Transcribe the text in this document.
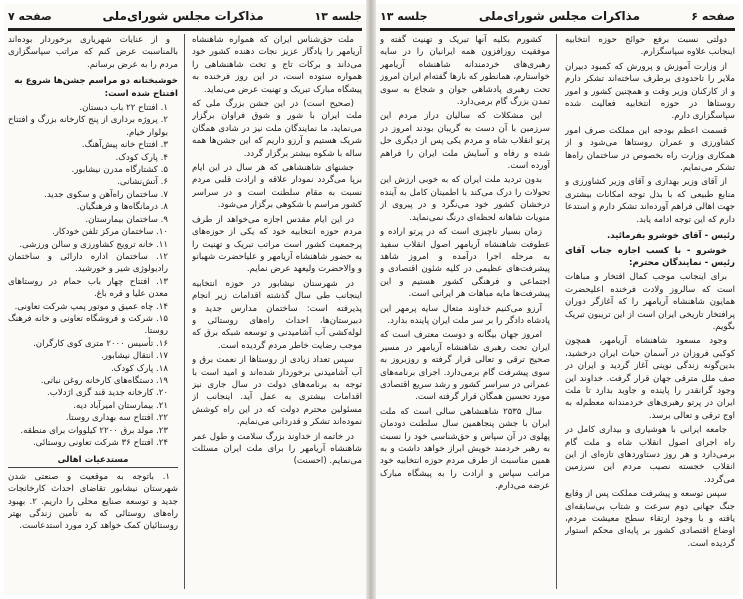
جلسه ۱۳
مذاکرات مجلس شورای‌ملی
صفحه ۷

ملت حق‌شناس ایران که همواره شاهنشاه آریامهر را یادگار عزیز نجات دهنده کشور خود می‌داند و برکات تاج و تخت شاهنشاهی را همواره ستوده است، در این روز فرخنده به پیشگاه مبارک تبریک و تهنیت عرض می‌نماید.

(صحیح است) در این جشن بزرگ ملی که ملت ایران با شور و شوق فراوان برگزار می‌نماید، ما نمایندگان ملت نیز در شادی همگان شریک هستیم و آرزو داریم که این جشن‌ها همه ساله با شکوه بیشتر برگزار گردد.

جشنهای شاهنشاهی که هر سال در این ایام برپا می‌گردد نمودار علاقه و ارادت قلبی مردم نسبت به مقام سلطنت است و در سراسر کشور مراسم با شکوهی برگزار می‌شود.

در این ایام مقدس اجازه می‌خواهد از طرف مردم حوزه انتخابیه خود که یکی از حوزه‌های پرجمعیت کشور است مراتب تبریک و تهنیت را به حضور شاهنشاه آریامهر و علیاحضرت شهبانو و والاحضرت ولیعهد عرض نمایم.

در شهرستان نیشابور در حوزه انتخابیه اینجانب طی سال گذشته اقدامات زیر انجام پذیرفته است: ساختمان مدارس جدید و دبیرستان‌ها، احداث راه‌های روستائی و لوله‌کشی آب آشامیدنی و توسعه شبکه برق که موجب رضایت خاطر مردم گردیده است.

سپس تعداد زیادی از روستاها از نعمت برق و آب آشامیدنی برخوردار شده‌اند و امید است با توجه به برنامه‌های دولت در سال جاری نیز اقدامات بیشتری به عمل آید. اینجانب از مسئولین محترم دولت که در این راه کوشش نموده‌اند تشکر و قدردانی می‌نمایم.

در خاتمه از خداوند بزرگ سلامت و طول عمر شاهنشاه آریامهر را برای ملت ایران مسئلت می‌نمایم. (احسنت)

و از عنایات شهریاری برخوردار بوده‌اند بالمناسبت عرض کنم که مراتب سپاسگزاری مردم را به عرض برسانم.

خوشبختانه دو مراسم جشن‌ها شروع به افتتاح شده است:
۱. افتتاح ۲۲ باب دبستان.
۲. پروژه برداری از پنج کارخانه بزرگ و افتتاح بولوار خیام.
۳. افتتاح خانه پیش‌آهنگ.
۴. پارک کودک.
۵. کشتارگاه مدرن نیشابور.
۶. آتش‌نشانی.
۷. ساختمان راه‌آهن و سکوی جدید.
۸. درمانگاه‌ها و فرهنگیان.
۹. ساختمان بیمارستان.
۱۰. ساختمان مرکز تلفن خودکار.
۱۱. خانه ترویج کشاورزی و سالن ورزشی.
۱۲. ساختمان اداره دارائی و ساختمان رادیولوژی شیر و خورشید.
۱۳. افتتاح چهار باب حمام در روستاهای معدن علیا و قره باغ.
۱۴. چاه عمیق و موتور پمپ شرکت تعاونی.
۱۵. شرکت و فروشگاه تعاونی و خانه فرهنگ روستا.
۱۶. تأسیس ۲۰۰۰ متری کوی کارگران.
۱۷. انتقال نیشابور.
۱۸. پارک کودک.
۱۹. دستگاه‌های کارخانه روغن نباتی.
۲۰. کارخانه جدید قند گزی اژدلاب.
۲۱. بیمارستان امیرآباد دیه.
۲۲. افتتاح سه بهداری روستا.
۲۳. مولد برق ۲۲۰۰ کیلووات برای منطقه.
۲۴. افتتاح ۳۶ شرکت تعاونی روستائی.
مستدعیات اهالی

۱. باتوجه به موقعیت و صنعتی شدن شهرستان نیشابور تقاضای احداث کارخانجات جدید و توسعه صنایع محلی را داریم. ۲. بهبود راه‌های روستائی که به تأمین زندگی بهتر روستائیان کمک خواهد کرد مورد استدعاست.

صفحه ۶
مذاکرات مجلس شورای‌ملی
جلسه ۱۳

دولتی نسبت برفع حوائج حوزه انتخابیه اینجانب علاوه سپاسگزارم.

از وزارت آموزش و پرورش که کمبود دبیران ملایر را تاحدودی برطرف ساخته‌اند تشکر دارم و از کارکنان وزیر وقت و همچنین کشور و امور روستاها در حوزه انتخابیه فعالیت شده سپاسگزاری دارم.

قسمت اعظم بودجه این مملکت صرف امور کشاورزی و عمران روستاها می‌شود و از همکاری وزارت راه بخصوص در ساختمان راه‌ها تشکر می‌نمایم.

از آقای وزیر بهداری و آقای وزیر کشاورزی و منابع طبیعی که با بذل توجه امکانات بیشتری جهت اهالی فراهم آورده‌اند تشکر دارم و استدعا دارم که این توجه ادامه یابد.

رئیس - آقای خوشرو بفرمائید.

خوشرو - با کسب اجازه جناب آقای رئیس - نمایندگان محترم:

برای اینجانب موجب کمال افتخار و مباهات است که سالروز ولادت فرخنده اعلیحضرت همایون شاهنشاه آریامهر را که آغازگر دوران پرافتخار تاریخی ایران است از این تریبون تبریک بگویم.

وجود مسعود شاهنشاه آریامهر، همچون کوکبی فروزان در آسمان حیات ایران درخشید، بدین‌گونه زندگی نوینی آغاز گردید و ایران در صف ملل مترقی جهان قرار گرفت. خداوند این وجود گرانقدر را پاینده و جاوید بدارد تا ملت ایران در پرتو رهبری‌های خردمندانه معظم‌له به اوج ترقی و تعالی برسد.

جامعه ایرانی با هوشیاری و بیداری کامل در راه اجرای اصول انقلاب شاه و ملت گام برمی‌دارد و هر روز دستاوردهای تازه‌ای از این انقلاب خجسته نصیب مردم این سرزمین می‌گردد.

سپس توسعه و پیشرفت مملکت پس از وقایع جنگ جهانی دوم سرعت و شتاب بی‌سابقه‌ای یافته و با وجود ارتقاء سطح معیشت مردم، اوضاع اقتصادی کشور بر پایه‌ای محکم استوار گردیده است.

کشورم بکلیه آنها تبریک و تهنیت گفته و موفقیت روزافزون همه ایرانیان را در سایه رهبری‌های خردمندانه شاهنشاه آریامهر خواستارم، همانطور که بارها گفته‌ام ایران امروز تحت رهبری پادشاهی جوان و شجاع به سوی تمدن بزرگ گام برمی‌دارد.

این مشکلات که سالیان دراز مردم این سرزمین با آن دست به گریبان بودند امروز در پرتو انقلاب شاه و مردم یکی پس از دیگری حل شده و رفاه و آسایش ملت ایران را فراهم آورده است.

بدون تردید ملت ایران که به خوبی ارزش این تحولات را درک می‌کند با اطمینان کامل به آینده درخشان کشور خود می‌نگرد و در پیروی از منویات شاهانه لحظه‌ای درنگ نمی‌نماید.

زمان بسیار ناچیزی است که در پرتو اراده و عطوفت شاهنشاه آریامهر اصول انقلاب سفید به مرحله اجرا درآمده و امروز شاهد پیشرفت‌های عظیمی در کلیه شئون اقتصادی و اجتماعی و فرهنگی کشور هستیم و این پیشرفت‌ها مایه مباهات هر ایرانی است.

آرزو می‌کنیم خداوند متعال سایه پرمهر این پادشاه دادگر را بر سر ملت ایران پاینده بدارد.

امروز جهان بیگانه و دوست معترف است که ایران تحت رهبری شاهنشاه آریامهر در مسیر صحیح ترقی و تعالی قرار گرفته و روزبروز به سوی پیشرفت گام برمی‌دارد. اجرای برنامه‌های عمرانی در سراسر کشور و رشد سریع اقتصادی مورد تحسین همگان قرار گرفته است.

سال ۲۵۳۵ شاهنشاهی سالی است که ملت ایران با جشن پنجاهمین سال سلطنت دودمان پهلوی در آن سپاس و حق‌شناسی خود را نسبت به رهبر خردمند خویش ابراز خواهد داشت و به همین مناسبت از طرف مردم حوزه انتخابیه خود مراتب سپاس و ارادت را به پیشگاه مبارک عرضه می‌دارم.
